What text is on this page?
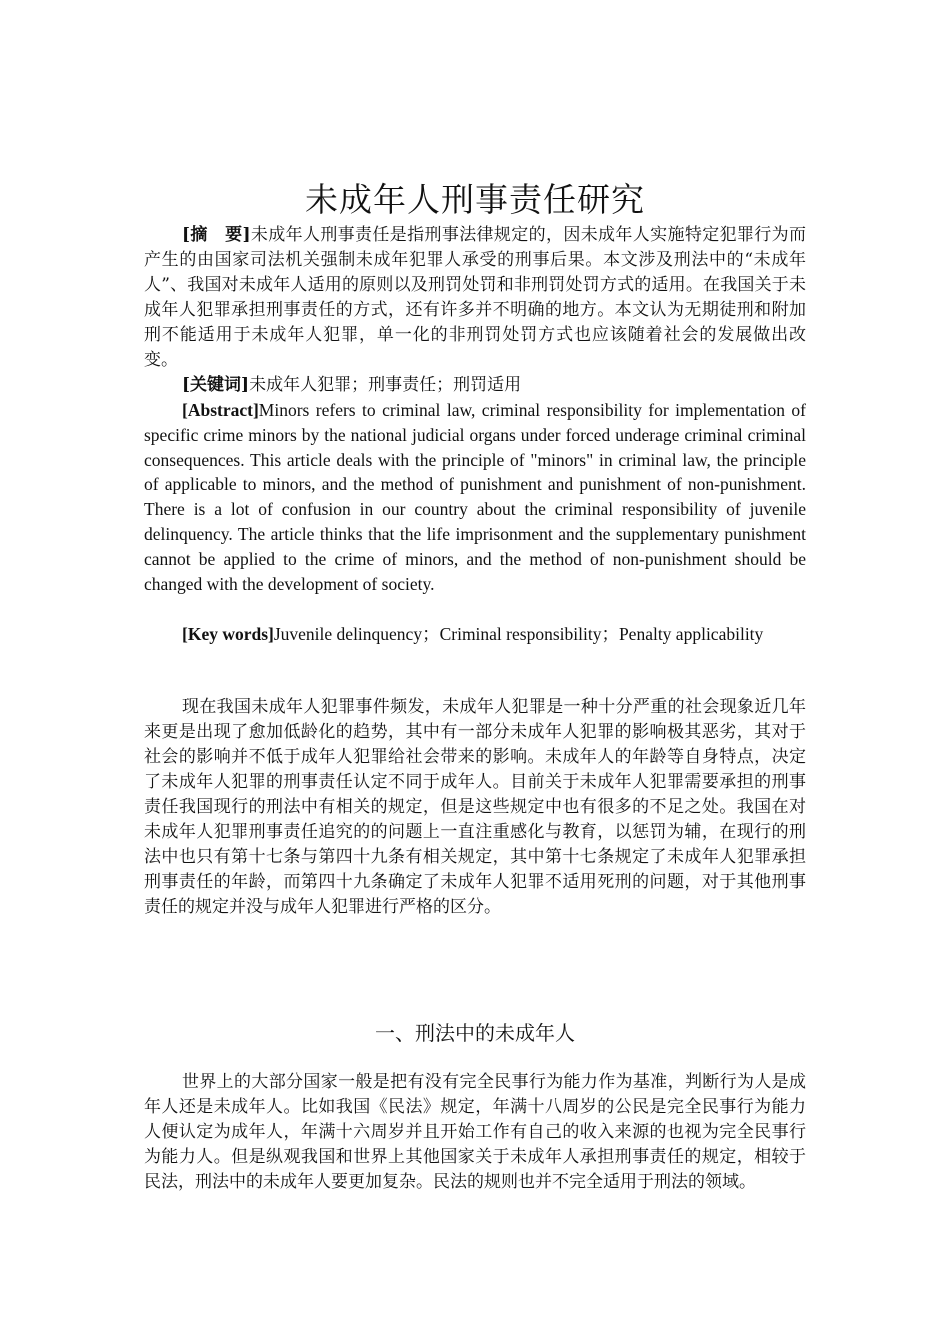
未成年人刑事责任研究

[摘　要]未成年人刑事责任是指刑事法律规定的，因未成年人实施特定犯罪行为而产生的由国家司法机关强制未成年犯罪人承受的刑事后果。本文涉及刑法中的“未成年人”、我国对未成年人适用的原则以及刑罚处罚和非刑罚处罚方式的适用。在我国关于未成年人犯罪承担刑事责任的方式，还有许多并不明确的地方。本文认为无期徒刑和附加刑不能适用于未成年人犯罪，单一化的非刑罚处罚方式也应该随着社会的发展做出改变。

[关键词]未成年人犯罪；刑事责任；刑罚适用

[Abstract]Minors refers to criminal law, criminal responsibility for implementation of specific crime minors by the national judicial organs under forced underage criminal criminal consequences. This article deals with the principle of "minors" in criminal law, the principle of applicable to minors, and the method of punishment and punishment of non-punishment. There is a lot of confusion in our country about the criminal responsibility of juvenile delinquency. The article thinks that the life imprisonment and the supplementary punishment cannot be applied to the crime of minors, and the method of non-punishment should be changed with the development of society.

[Key words]Juvenile delinquency；Criminal responsibility；Penalty applicability

现在我国未成年人犯罪事件频发，未成年人犯罪是一种十分严重的社会现象近几年来更是出现了愈加低龄化的趋势，其中有一部分未成年人犯罪的影响极其恶劣，其对于社会的影响并不低于成年人犯罪给社会带来的影响。未成年人的年龄等自身特点，决定了未成年人犯罪的刑事责任认定不同于成年人。目前关于未成年人犯罪需要承担的刑事责任我国现行的刑法中有相关的规定，但是这些规定中也有很多的不足之处。我国在对未成年人犯罪刑事责任追究的的问题上一直注重感化与教育，以惩罚为辅，在现行的刑法中也只有第十七条与第四十九条有相关规定，其中第十七条规定了未成年人犯罪承担刑事责任的年龄，而第四十九条确定了未成年人犯罪不适用死刑的问题，对于其他刑事责任的规定并没与成年人犯罪进行严格的区分。

一、刑法中的未成年人

世界上的大部分国家一般是把有没有完全民事行为能力作为基准，判断行为人是成年人还是未成年人。比如我国《民法》规定，年满十八周岁的公民是完全民事行为能力人便认定为成年人，年满十六周岁并且开始工作有自己的收入来源的也视为完全民事行为能力人。但是纵观我国和世界上其他国家关于未成年人承担刑事责任的规定，相较于民法，刑法中的未成年人要更加复杂。民法的规则也并不完全适用于刑法的领域。
